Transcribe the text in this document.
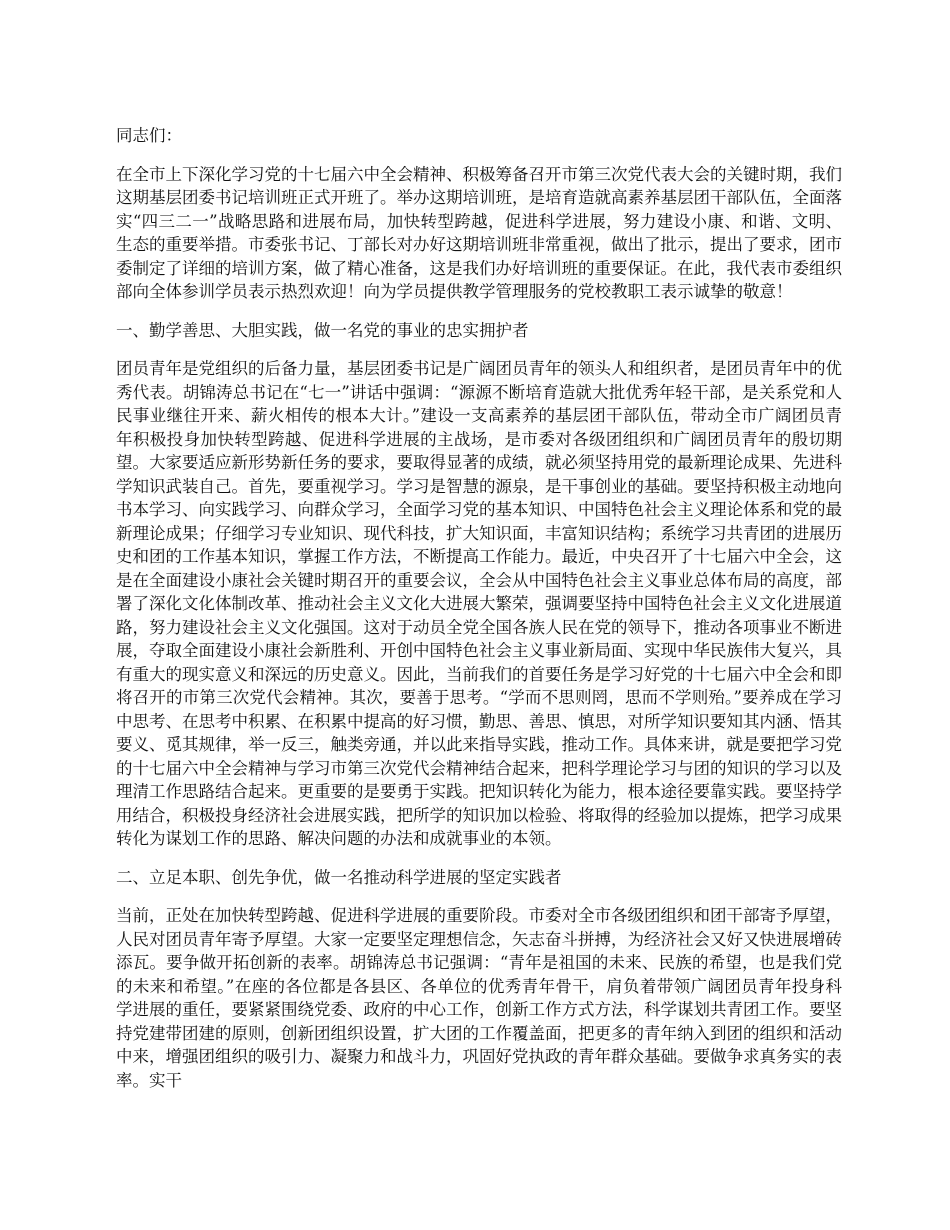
同志们：

在全市上下深化学习党的十七届六中全会精神、积极筹备召开市第三次党代表大会的关键时期，我们这期基层团委书记培训班正式开班了。举办这期培训班，是培育造就高素养基层团干部队伍，全面落实“四三二一”战略思路和进展布局，加快转型跨越，促进科学进展，努力建设小康、和谐、文明、生态的重要举措。市委张书记、丁部长对办好这期培训班非常重视，做出了批示，提出了要求，团市委制定了详细的培训方案，做了精心准备，这是我们办好培训班的重要保证。在此，我代表市委组织部向全体参训学员表示热烈欢迎！向为学员提供教学管理服务的党校教职工表示诚挚的敬意！

一、勤学善思、大胆实践，做一名党的事业的忠实拥护者

团员青年是党组织的后备力量，基层团委书记是广阔团员青年的领头人和组织者，是团员青年中的优秀代表。胡锦涛总书记在“七一”讲话中强调：“源源不断培育造就大批优秀年轻干部，是关系党和人民事业继往开来、薪火相传的根本大计。”建设一支高素养的基层团干部队伍，带动全市广阔团员青年积极投身加快转型跨越、促进科学进展的主战场，是市委对各级团组织和广阔团员青年的殷切期望。大家要适应新形势新任务的要求，要取得显著的成绩，就必须坚持用党的最新理论成果、先进科学知识武装自己。首先，要重视学习。学习是智慧的源泉，是干事创业的基础。要坚持积极主动地向书本学习、向实践学习、向群众学习，全面学习党的基本知识、中国特色社会主义理论体系和党的最新理论成果；仔细学习专业知识、现代科技，扩大知识面，丰富知识结构；系统学习共青团的进展历史和团的工作基本知识，掌握工作方法，不断提高工作能力。最近，中央召开了十七届六中全会，这是在全面建设小康社会关键时期召开的重要会议，全会从中国特色社会主义事业总体布局的高度，部署了深化文化体制改革、推动社会主义文化大进展大繁荣，强调要坚持中国特色社会主义文化进展道路，努力建设社会主义文化强国。这对于动员全党全国各族人民在党的领导下，推动各项事业不断进展，夺取全面建设小康社会新胜利、开创中国特色社会主义事业新局面、实现中华民族伟大复兴，具有重大的现实意义和深远的历史意义。因此，当前我们的首要任务是学习好党的十七届六中全会和即将召开的市第三次党代会精神。其次，要善于思考。“学而不思则罔，思而不学则殆。”要养成在学习中思考、在思考中积累、在积累中提高的好习惯，勤思、善思、慎思，对所学知识要知其内涵、悟其要义、觅其规律，举一反三，触类旁通，并以此来指导实践，推动工作。具体来讲，就是要把学习党的十七届六中全会精神与学习市第三次党代会精神结合起来，把科学理论学习与团的知识的学习以及理清工作思路结合起来。更重要的是要勇于实践。把知识转化为能力，根本途径要靠实践。要坚持学用结合，积极投身经济社会进展实践，把所学的知识加以检验、将取得的经验加以提炼，把学习成果转化为谋划工作的思路、解决问题的办法和成就事业的本领。

二、立足本职、创先争优，做一名推动科学进展的坚定实践者

当前，正处在加快转型跨越、促进科学进展的重要阶段。市委对全市各级团组织和团干部寄予厚望，人民对团员青年寄予厚望。大家一定要坚定理想信念，矢志奋斗拼搏，为经济社会又好又快进展增砖添瓦。要争做开拓创新的表率。胡锦涛总书记强调：“青年是祖国的未来、民族的希望，也是我们党的未来和希望。”在座的各位都是各县区、各单位的优秀青年骨干，肩负着带领广阔团员青年投身科学进展的重任，要紧紧围绕党委、政府的中心工作，创新工作方式方法，科学谋划共青团工作。要坚持党建带团建的原则，创新团组织设置，扩大团的工作覆盖面，把更多的青年纳入到团的组织和活动中来，增强团组织的吸引力、凝聚力和战斗力，巩固好党执政的青年群众基础。要做争求真务实的表率。实干
